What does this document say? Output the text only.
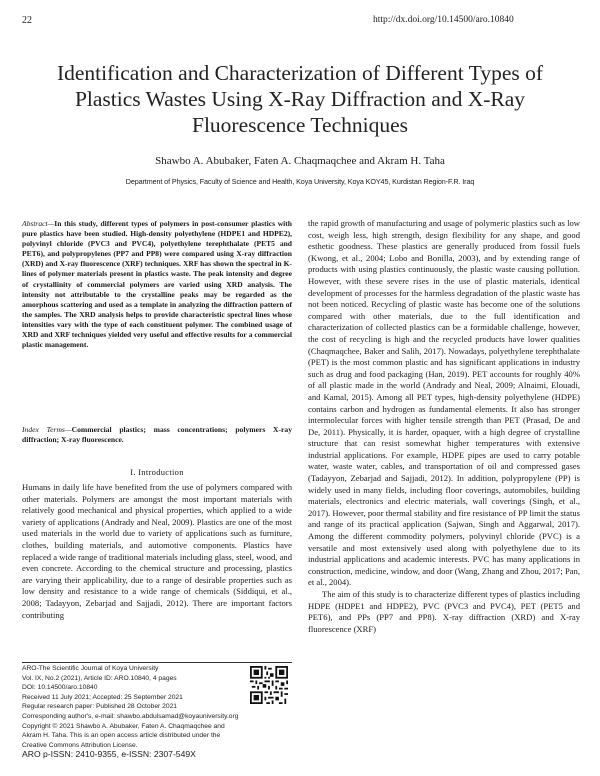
22	http://dx.doi.org/10.14500/aro.10840
Identification and Characterization of Different Types of Plastics Wastes Using X-Ray Diffraction and X-Ray Fluorescence Techniques
Shawbo A. Abubaker, Faten A. Chaqmaqchee and Akram H. Taha
Department of Physics, Faculty of Science and Health, Koya University, Koya KOY45, Kurdistan Region-F.R. Iraq
Abstract—In this study, different types of polymers in post-consumer plastics with pure plastics have been studied. High-density polyethylene (HDPE1 and HDPE2), polyvinyl chloride (PVC3 and PVC4), polyethylene terephthalate (PET5 and PET6), and polypropylenes (PP7 and PP8) were compared using X-ray diffraction (XRD) and X-ray fluorescence (XRF) techniques. XRF has shown the spectral in K-lines of polymer materials present in plastics waste. The peak intensity and degree of crystallinity of commercial polymers are varied using XRD analysis. The intensity not attributable to the crystalline peaks may be regarded as the amorphous scattering and used as a template in analyzing the diffraction pattern of the samples. The XRD analysis helps to provide characteristic spectral lines whose intensities vary with the type of each constituent polymer. The combined usage of XRD and XRF techniques yielded very useful and effective results for a commercial plastic management.
Index Terms—Commercial plastics; mass concentrations; polymers X-ray diffraction; X-ray fluorescence.
I. Introduction
Humans in daily life have benefited from the use of polymers compared with other materials. Polymers are amongst the most important materials with relatively good mechanical and physical properties, which applied to a wide variety of applications (Andrady and Neal, 2009). Plastics are one of the most used materials in the world due to variety of applications such as furniture, clothes, building materials, and automotive components. Plastics have replaced a wide range of traditional materials including glass, steel, wood, and even concrete. According to the chemical structure and processing, plastics are varying their applicability, due to a range of desirable properties such as low density and resistance to a wide range of chemicals (Siddiqui, et al., 2008; Tadayyon, Zebarjad and Sajjadi, 2012). There are important factors contributing
ARO-The Scientific Journal of Koya University
Vol. IX, No.2 (2021), Article ID: ARO.10840, 4 pages
DOI: 10.14500/aro.10840
Received 11 July 2021; Accepted: 25 September 2021
Regular research paper: Published 28 October 2021
Corresponding author's, e-mail: shawbo.abdulsamad@koyauniversity.org
Copyright © 2021 Shawbo A. Abubaker, Faten A. Chaqmaqchee and
Akram H. Taha. This is an open access article distributed under the
Creative Commons Attribution License.
ARO p-ISSN: 2410-9355, e-ISSN: 2307-549X

the rapid growth of manufacturing and usage of polymeric plastics such as low cost, weigh less, high strength, design flexibility for any shape, and good esthetic goodness. These plastics are generally produced from fossil fuels (Kwong, et al., 2004; Lobo and Bonilla, 2003), and by extending range of products with using plastics continuously, the plastic waste causing pollution. However, with these severe rises in the use of plastic materials, identical development of processes for the harmless degradation of the plastic waste has not been noticed. Recycling of plastic waste has become one of the solutions compared with other materials, due to the full identification and characterization of collected plastics can be a formidable challenge, however, the cost of recycling is high and the recycled products have lower qualities (Chaqmaqchee, Baker and Salih, 2017). Nowadays, polyethylene terephthalate (PET) is the most common plastic and has significant applications in industry such as drug and food packaging (Han, 2019). PET accounts for roughly 40% of all plastic made in the world (Andrady and Neal, 2009; Alnaimi, Elouadi, and Kamal, 2015). Among all PET types, high-density polyethylene (HDPE) contains carbon and hydrogen as fundamental elements. It also has stronger intermolecular forces with higher tensile strength than PET (Prasad, De and De, 2011). Physically, it is harder, opaquer, with a high degree of crystalline structure that can resist somewhat higher temperatures with extensive industrial applications. For example, HDPE pipes are used to carry potable water, waste water, cables, and transportation of oil and compressed gases (Tadayyon, Zebarjad and Sajjadi, 2012). In addition, polypropylene (PP) is widely used in many fields, including floor coverings, automobiles, building materials, electronics and electric materials, wall coverings (Singh, et al., 2017). However, poor thermal stability and fire resistance of PP limit the status and range of its practical application (Sajwan, Singh and Aggarwal, 2017). Among the different commodity polymers, polyvinyl chloride (PVC) is a versatile and most extensively used along with polyethylene due to its industrial applications and academic interests. PVC has many applications in construction, medicine, window, and door (Wang, Zhang and Zhou, 2017; Pan, et al., 2004).

The aim of this study is to characterize different types of plastics including HDPE (HDPE1 and HDPE2), PVC (PVC3 and PVC4), PET (PET5 and PET6), and PPs (PP7 and PP8). X-ray diffraction (XRD) and X-ray fluorescence (XRF)
